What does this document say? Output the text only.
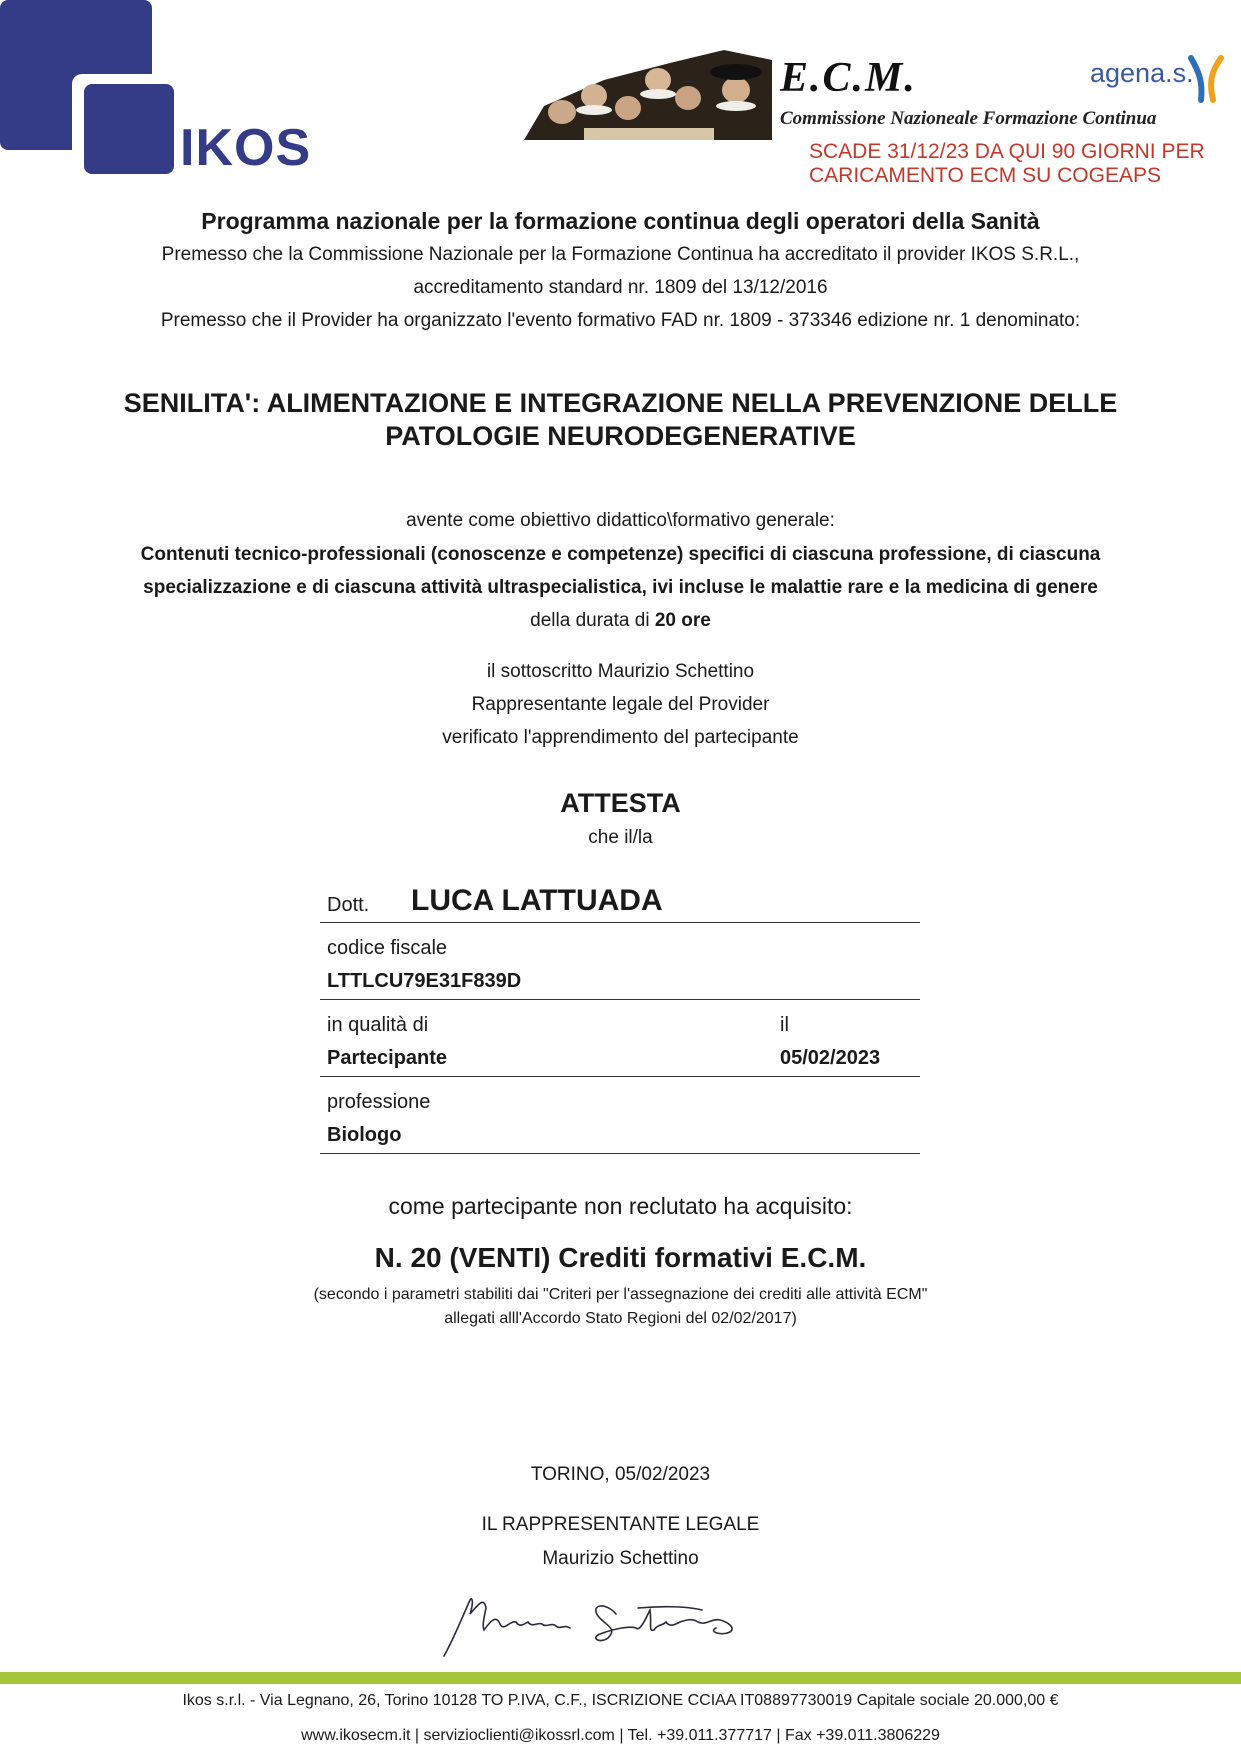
IKOS
E.C.M.
Commissione Nazioneale Formazione Continua
agena.s.
SCADE 31/12/23 DA QUI 90 GIORNI PER
CARICAMENTO ECM SU COGEAPS
Programma nazionale per la formazione continua degli operatori della Sanità
Premesso che la Commissione Nazionale per la Formazione Continua ha accreditato il provider IKOS S.R.L.,
accreditamento standard nr. 1809 del 13/12/2016
Premesso che il Provider ha organizzato l'evento formativo FAD nr. 1809 - 373346 edizione nr. 1 denominato:
SENILITA': ALIMENTAZIONE E INTEGRAZIONE NELLA PREVENZIONE DELLE
PATOLOGIE NEURODEGENERATIVE
avente come obiettivo didattico\formativo generale:
Contenuti tecnico-professionali (conoscenze e competenze) specifici di ciascuna professione, di ciascuna
specializzazione e di ciascuna attività ultraspecialistica, ivi incluse le malattie rare e la medicina di genere
della durata di 20 ore
il sottoscritto Maurizio Schettino
Rappresentante legale del Provider
verificato l'apprendimento del partecipante
ATTESTA
che il/la
Dott. LUCA LATTUADA
codice fiscale
LTTLCU79E31F839D
in qualità di
Partecipante
il
05/02/2023
professione
Biologo
come partecipante non reclutato ha acquisito:
N. 20 (VENTI) Crediti formativi E.C.M.
(secondo i parametri stabiliti dai "Criteri per l'assegnazione dei crediti alle attività ECM"
allegati alll'Accordo Stato Regioni del 02/02/2017)
TORINO, 05/02/2023
IL RAPPRESENTANTE LEGALE
Maurizio Schettino
Ikos s.r.l. - Via Legnano, 26, Torino 10128 TO P.IVA, C.F., ISCRIZIONE CCIAA IT08897730019 Capitale sociale 20.000,00 €
www.ikosecm.it | servizioclienti@ikossrl.com | Tel. +39.011.377717 | Fax +39.011.3806229
